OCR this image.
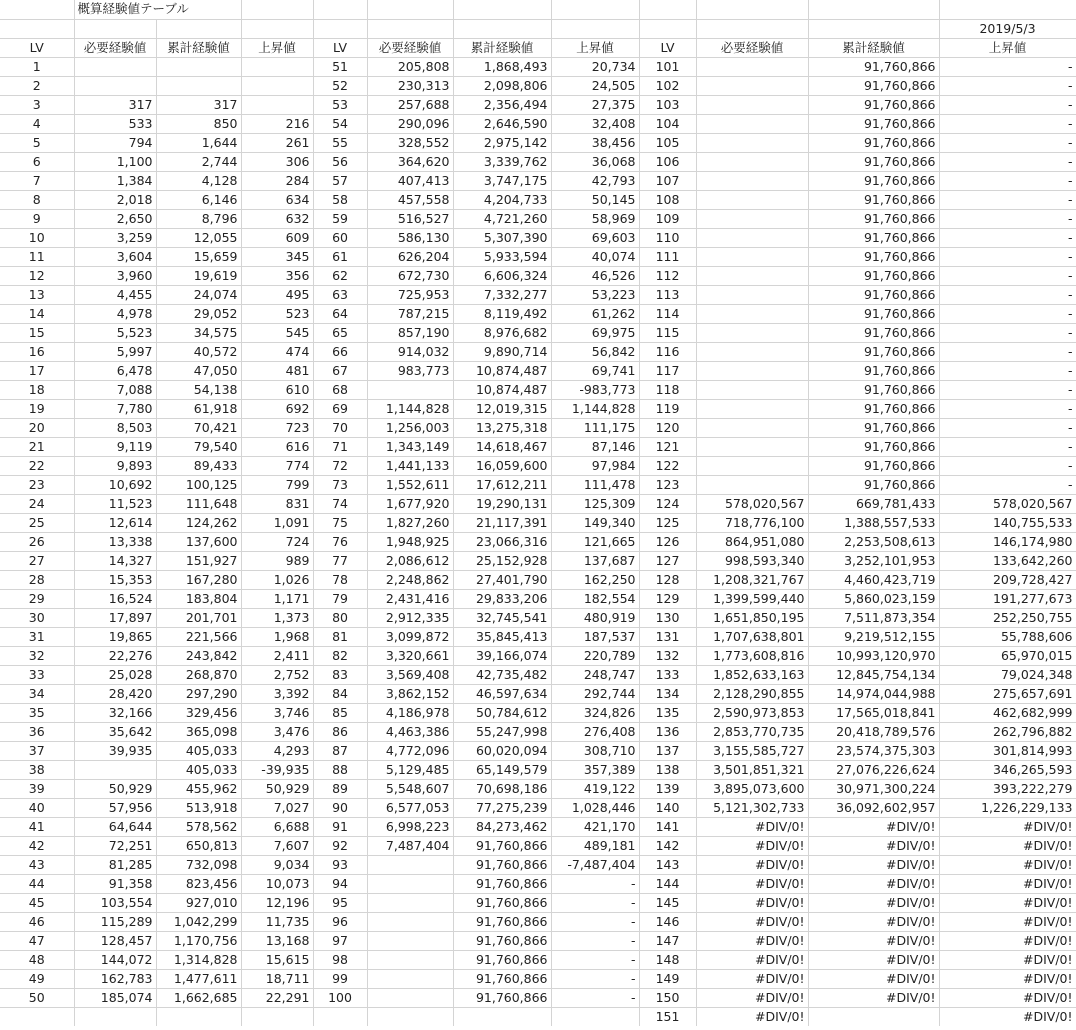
	概算経験値テーブル										
											2019/5/3
LV	必要経験値	累計経験値	上昇値	LV	必要経験値	累計経験値	上昇値	LV	必要経験値	累計経験値	上昇値
1				51	205,808	1,868,493	20,734	101		91,760,866	-
2				52	230,313	2,098,806	24,505	102		91,760,866	-
3	317	317		53	257,688	2,356,494	27,375	103		91,760,866	-
4	533	850	216	54	290,096	2,646,590	32,408	104		91,760,866	-
5	794	1,644	261	55	328,552	2,975,142	38,456	105		91,760,866	-
6	1,100	2,744	306	56	364,620	3,339,762	36,068	106		91,760,866	-
7	1,384	4,128	284	57	407,413	3,747,175	42,793	107		91,760,866	-
8	2,018	6,146	634	58	457,558	4,204,733	50,145	108		91,760,866	-
9	2,650	8,796	632	59	516,527	4,721,260	58,969	109		91,760,866	-
10	3,259	12,055	609	60	586,130	5,307,390	69,603	110		91,760,866	-
11	3,604	15,659	345	61	626,204	5,933,594	40,074	111		91,760,866	-
12	3,960	19,619	356	62	672,730	6,606,324	46,526	112		91,760,866	-
13	4,455	24,074	495	63	725,953	7,332,277	53,223	113		91,760,866	-
14	4,978	29,052	523	64	787,215	8,119,492	61,262	114		91,760,866	-
15	5,523	34,575	545	65	857,190	8,976,682	69,975	115		91,760,866	-
16	5,997	40,572	474	66	914,032	9,890,714	56,842	116		91,760,866	-
17	6,478	47,050	481	67	983,773	10,874,487	69,741	117		91,760,866	-
18	7,088	54,138	610	68		10,874,487	-983,773	118		91,760,866	-
19	7,780	61,918	692	69	1,144,828	12,019,315	1,144,828	119		91,760,866	-
20	8,503	70,421	723	70	1,256,003	13,275,318	111,175	120		91,760,866	-
21	9,119	79,540	616	71	1,343,149	14,618,467	87,146	121		91,760,866	-
22	9,893	89,433	774	72	1,441,133	16,059,600	97,984	122		91,760,866	-
23	10,692	100,125	799	73	1,552,611	17,612,211	111,478	123		91,760,866	-
24	11,523	111,648	831	74	1,677,920	19,290,131	125,309	124	578,020,567	669,781,433	578,020,567
25	12,614	124,262	1,091	75	1,827,260	21,117,391	149,340	125	718,776,100	1,388,557,533	140,755,533
26	13,338	137,600	724	76	1,948,925	23,066,316	121,665	126	864,951,080	2,253,508,613	146,174,980
27	14,327	151,927	989	77	2,086,612	25,152,928	137,687	127	998,593,340	3,252,101,953	133,642,260
28	15,353	167,280	1,026	78	2,248,862	27,401,790	162,250	128	1,208,321,767	4,460,423,719	209,728,427
29	16,524	183,804	1,171	79	2,431,416	29,833,206	182,554	129	1,399,599,440	5,860,023,159	191,277,673
30	17,897	201,701	1,373	80	2,912,335	32,745,541	480,919	130	1,651,850,195	7,511,873,354	252,250,755
31	19,865	221,566	1,968	81	3,099,872	35,845,413	187,537	131	1,707,638,801	9,219,512,155	55,788,606
32	22,276	243,842	2,411	82	3,320,661	39,166,074	220,789	132	1,773,608,816	10,993,120,970	65,970,015
33	25,028	268,870	2,752	83	3,569,408	42,735,482	248,747	133	1,852,633,163	12,845,754,134	79,024,348
34	28,420	297,290	3,392	84	3,862,152	46,597,634	292,744	134	2,128,290,855	14,974,044,988	275,657,691
35	32,166	329,456	3,746	85	4,186,978	50,784,612	324,826	135	2,590,973,853	17,565,018,841	462,682,999
36	35,642	365,098	3,476	86	4,463,386	55,247,998	276,408	136	2,853,770,735	20,418,789,576	262,796,882
37	39,935	405,033	4,293	87	4,772,096	60,020,094	308,710	137	3,155,585,727	23,574,375,303	301,814,993
38		405,033	-39,935	88	5,129,485	65,149,579	357,389	138	3,501,851,321	27,076,226,624	346,265,593
39	50,929	455,962	50,929	89	5,548,607	70,698,186	419,122	139	3,895,073,600	30,971,300,224	393,222,279
40	57,956	513,918	7,027	90	6,577,053	77,275,239	1,028,446	140	5,121,302,733	36,092,602,957	1,226,229,133
41	64,644	578,562	6,688	91	6,998,223	84,273,462	421,170	141	#DIV/0!	#DIV/0!	#DIV/0!
42	72,251	650,813	7,607	92	7,487,404	91,760,866	489,181	142	#DIV/0!	#DIV/0!	#DIV/0!
43	81,285	732,098	9,034	93		91,760,866	-7,487,404	143	#DIV/0!	#DIV/0!	#DIV/0!
44	91,358	823,456	10,073	94		91,760,866	-	144	#DIV/0!	#DIV/0!	#DIV/0!
45	103,554	927,010	12,196	95		91,760,866	-	145	#DIV/0!	#DIV/0!	#DIV/0!
46	115,289	1,042,299	11,735	96		91,760,866	-	146	#DIV/0!	#DIV/0!	#DIV/0!
47	128,457	1,170,756	13,168	97		91,760,866	-	147	#DIV/0!	#DIV/0!	#DIV/0!
48	144,072	1,314,828	15,615	98		91,760,866	-	148	#DIV/0!	#DIV/0!	#DIV/0!
49	162,783	1,477,611	18,711	99		91,760,866	-	149	#DIV/0!	#DIV/0!	#DIV/0!
50	185,074	1,662,685	22,291	100		91,760,866	-	150	#DIV/0!	#DIV/0!	#DIV/0!
								151	#DIV/0!		#DIV/0!
